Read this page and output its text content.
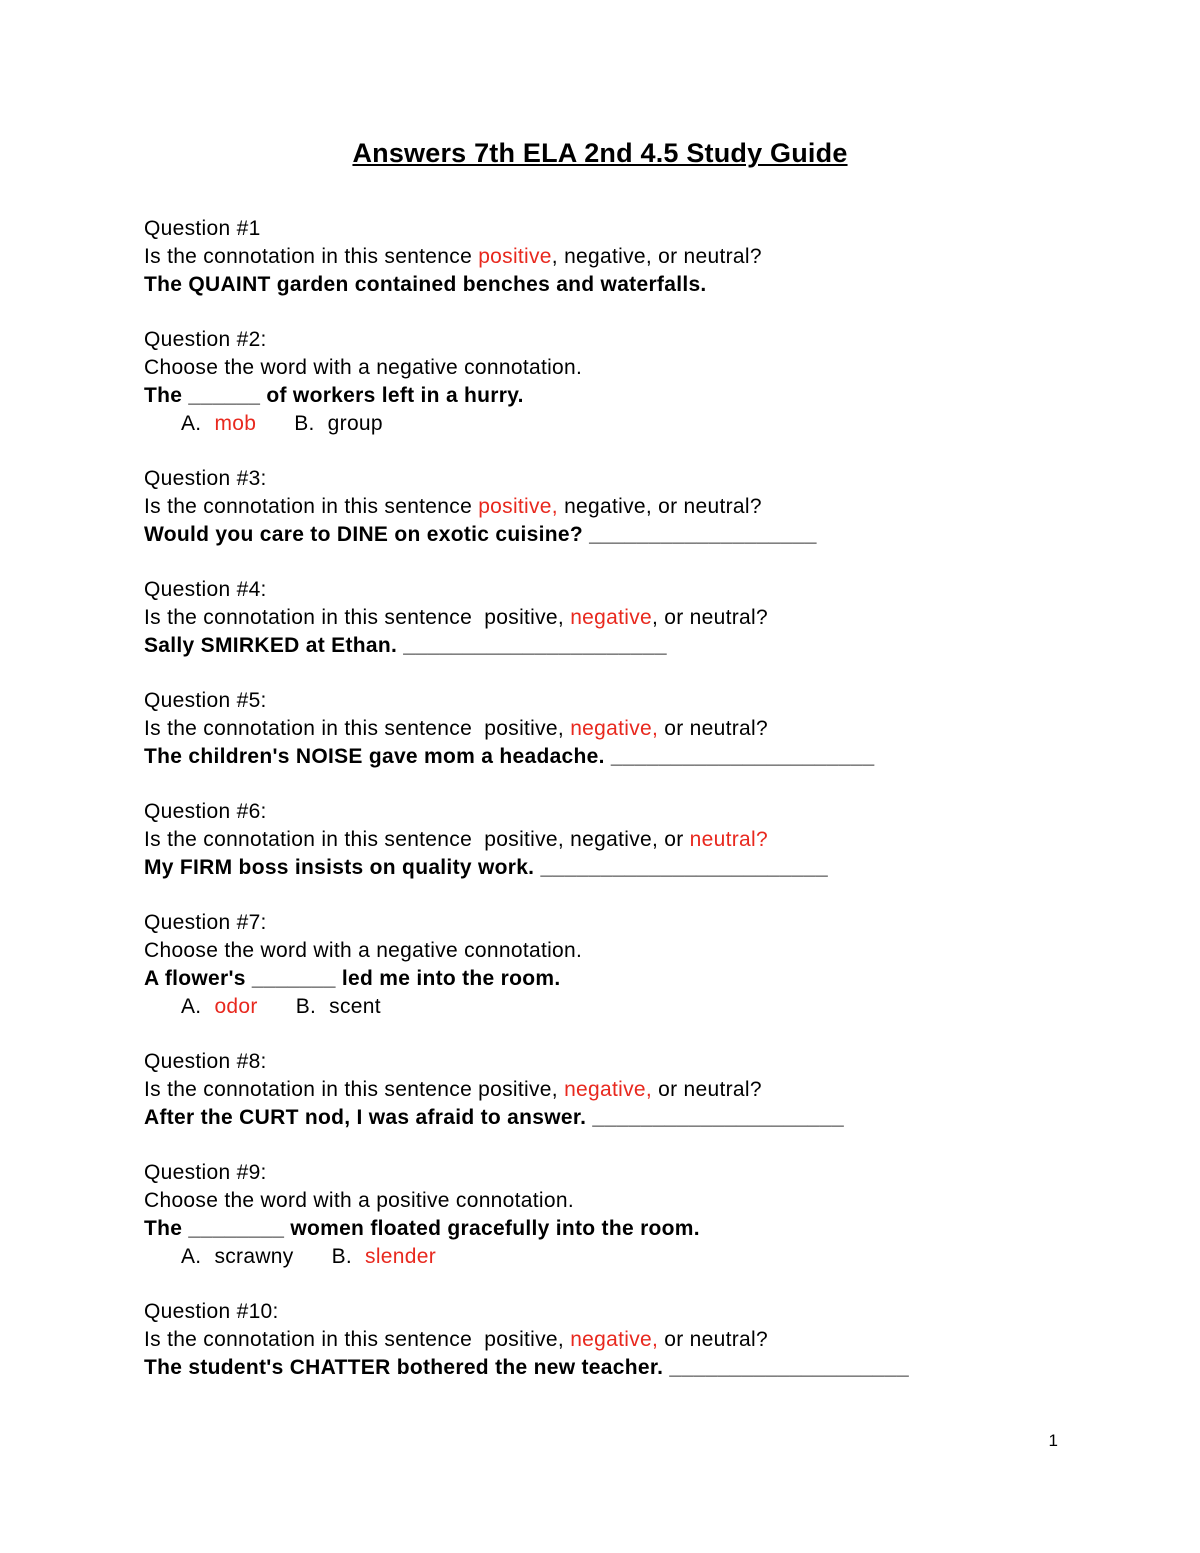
Answers 7th ELA 2nd 4.5 Study Guide
Question #1
Is the connotation in this sentence positive, negative, or neutral?
The QUAINT garden contained benches and waterfalls.
Question #2:
Choose the word with a negative connotation.
The ______ of workers left in a hurry.
A. mob B. group
Question #3:
Is the connotation in this sentence positive, negative, or neutral?
Would you care to DINE on exotic cuisine? ___________________
Question #4:
Is the connotation in this sentence  positive, negative, or neutral?
Sally SMIRKED at Ethan. ______________________
Question #5:
Is the connotation in this sentence  positive, negative, or neutral?
The children's NOISE gave mom a headache. ______________________
Question #6:
Is the connotation in this sentence  positive, negative, or neutral?
My FIRM boss insists on quality work. ________________________
Question #7:
Choose the word with a negative connotation.
A flower's _______ led me into the room.
A. odor B. scent
Question #8:
Is the connotation in this sentence positive, negative, or neutral?
After the CURT nod, I was afraid to answer. _____________________
Question #9:
Choose the word with a positive connotation.
The ________ women floated gracefully into the room.
A. scrawny B. slender
Question #10:
Is the connotation in this sentence  positive, negative, or neutral?
The student's CHATTER bothered the new teacher. ____________________
1
